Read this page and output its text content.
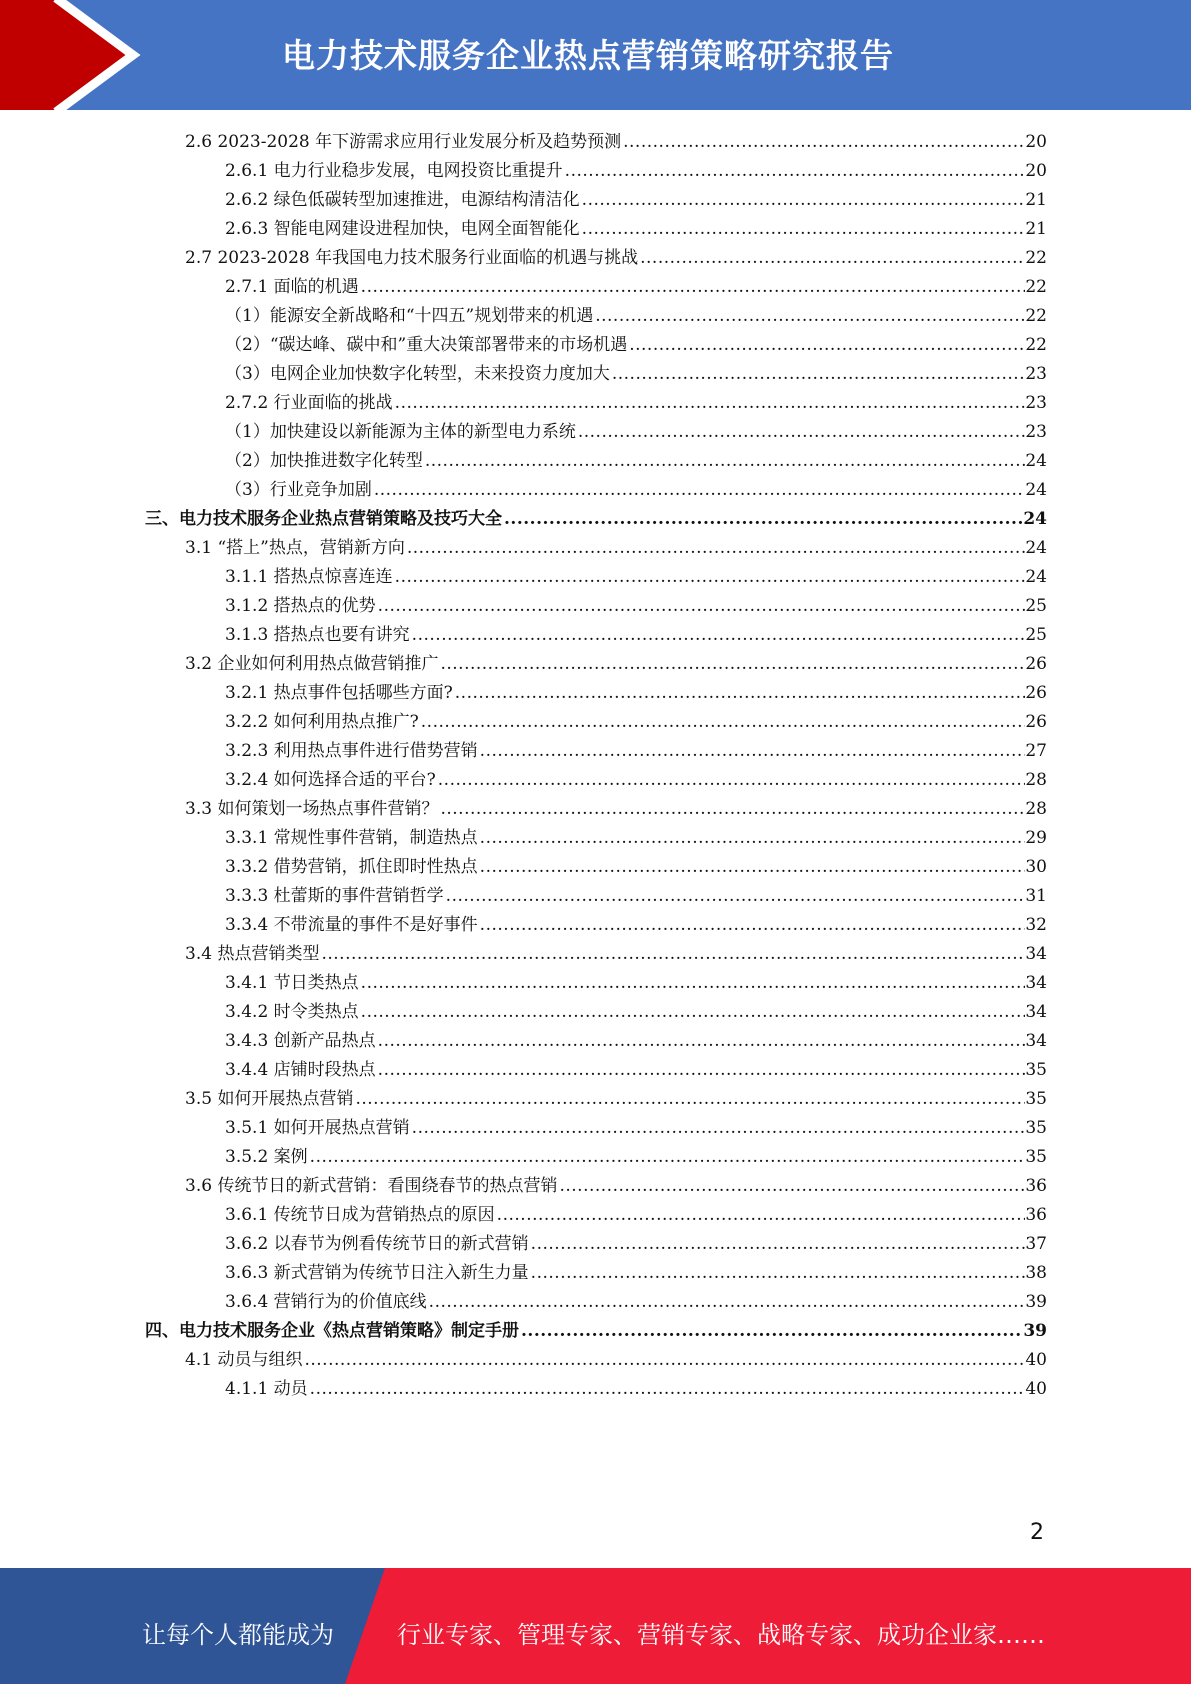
电力技术服务企业热点营销策略研究报告
2.6 2023-2028 年下游需求应用行业发展分析及趋势预测 .....	20
2.6.1 电力行业稳步发展，电网投资比重提升 .....	20
2.6.2 绿色低碳转型加速推进，电源结构清洁化 .....	21
2.6.3 智能电网建设进程加快，电网全面智能化 .....	21
2.7 2023-2028 年我国电力技术服务行业面临的机遇与挑战 .....	22
2.7.1 面临的机遇 .....	22
（1）能源安全新战略和“十四五”规划带来的机遇 .....	22
（2）“碳达峰、碳中和”重大决策部署带来的市场机遇 .....	22
（3）电网企业加快数字化转型，未来投资力度加大 .....	23
2.7.2 行业面临的挑战 .....	23
（1）加快建设以新能源为主体的新型电力系统 .....	23
（2）加快推进数字化转型 .....	24
（3）行业竞争加剧 .....	24
三、电力技术服务企业热点营销策略及技巧大全 .....	24
3.1 “搭上”热点，营销新方向 .....	24
3.1.1 搭热点惊喜连连 .....	24
3.1.2 搭热点的优势 .....	25
3.1.3 搭热点也要有讲究 .....	25
3.2 企业如何利用热点做营销推广 .....	26
3.2.1 热点事件包括哪些方面? .....	26
3.2.2 如何利用热点推广? .....	26
3.2.3 利用热点事件进行借势营销 .....	27
3.2.4 如何选择合适的平台? .....	28
3.3 如何策划一场热点事件营销？ .....	28
3.3.1 常规性事件营销，制造热点 .....	29
3.3.2 借势营销，抓住即时性热点 .....	30
3.3.3 杜蕾斯的事件营销哲学 .....	31
3.3.4 不带流量的事件不是好事件 .....	32
3.4 热点营销类型 .....	34
3.4.1 节日类热点 .....	34
3.4.2 时令类热点 .....	34
3.4.3 创新产品热点 .....	34
3.4.4 店铺时段热点 .....	35
3.5 如何开展热点营销 .....	35
3.5.1 如何开展热点营销 .....	35
3.5.2 案例 .....	35
3.6 传统节日的新式营销：看围绕春节的热点营销 .....	36
3.6.1 传统节日成为营销热点的原因 .....	36
3.6.2 以春节为例看传统节日的新式营销 .....	37
3.6.3 新式营销为传统节日注入新生力量 .....	38
3.6.4 营销行为的价值底线 .....	39
四、电力技术服务企业《热点营销策略》制定手册 .....	39
4.1 动员与组织 .....	40
4.1.1 动员 .....	40
2
让每个人都能成为	行业专家、管理专家、营销专家、战略专家、成功企业家……
